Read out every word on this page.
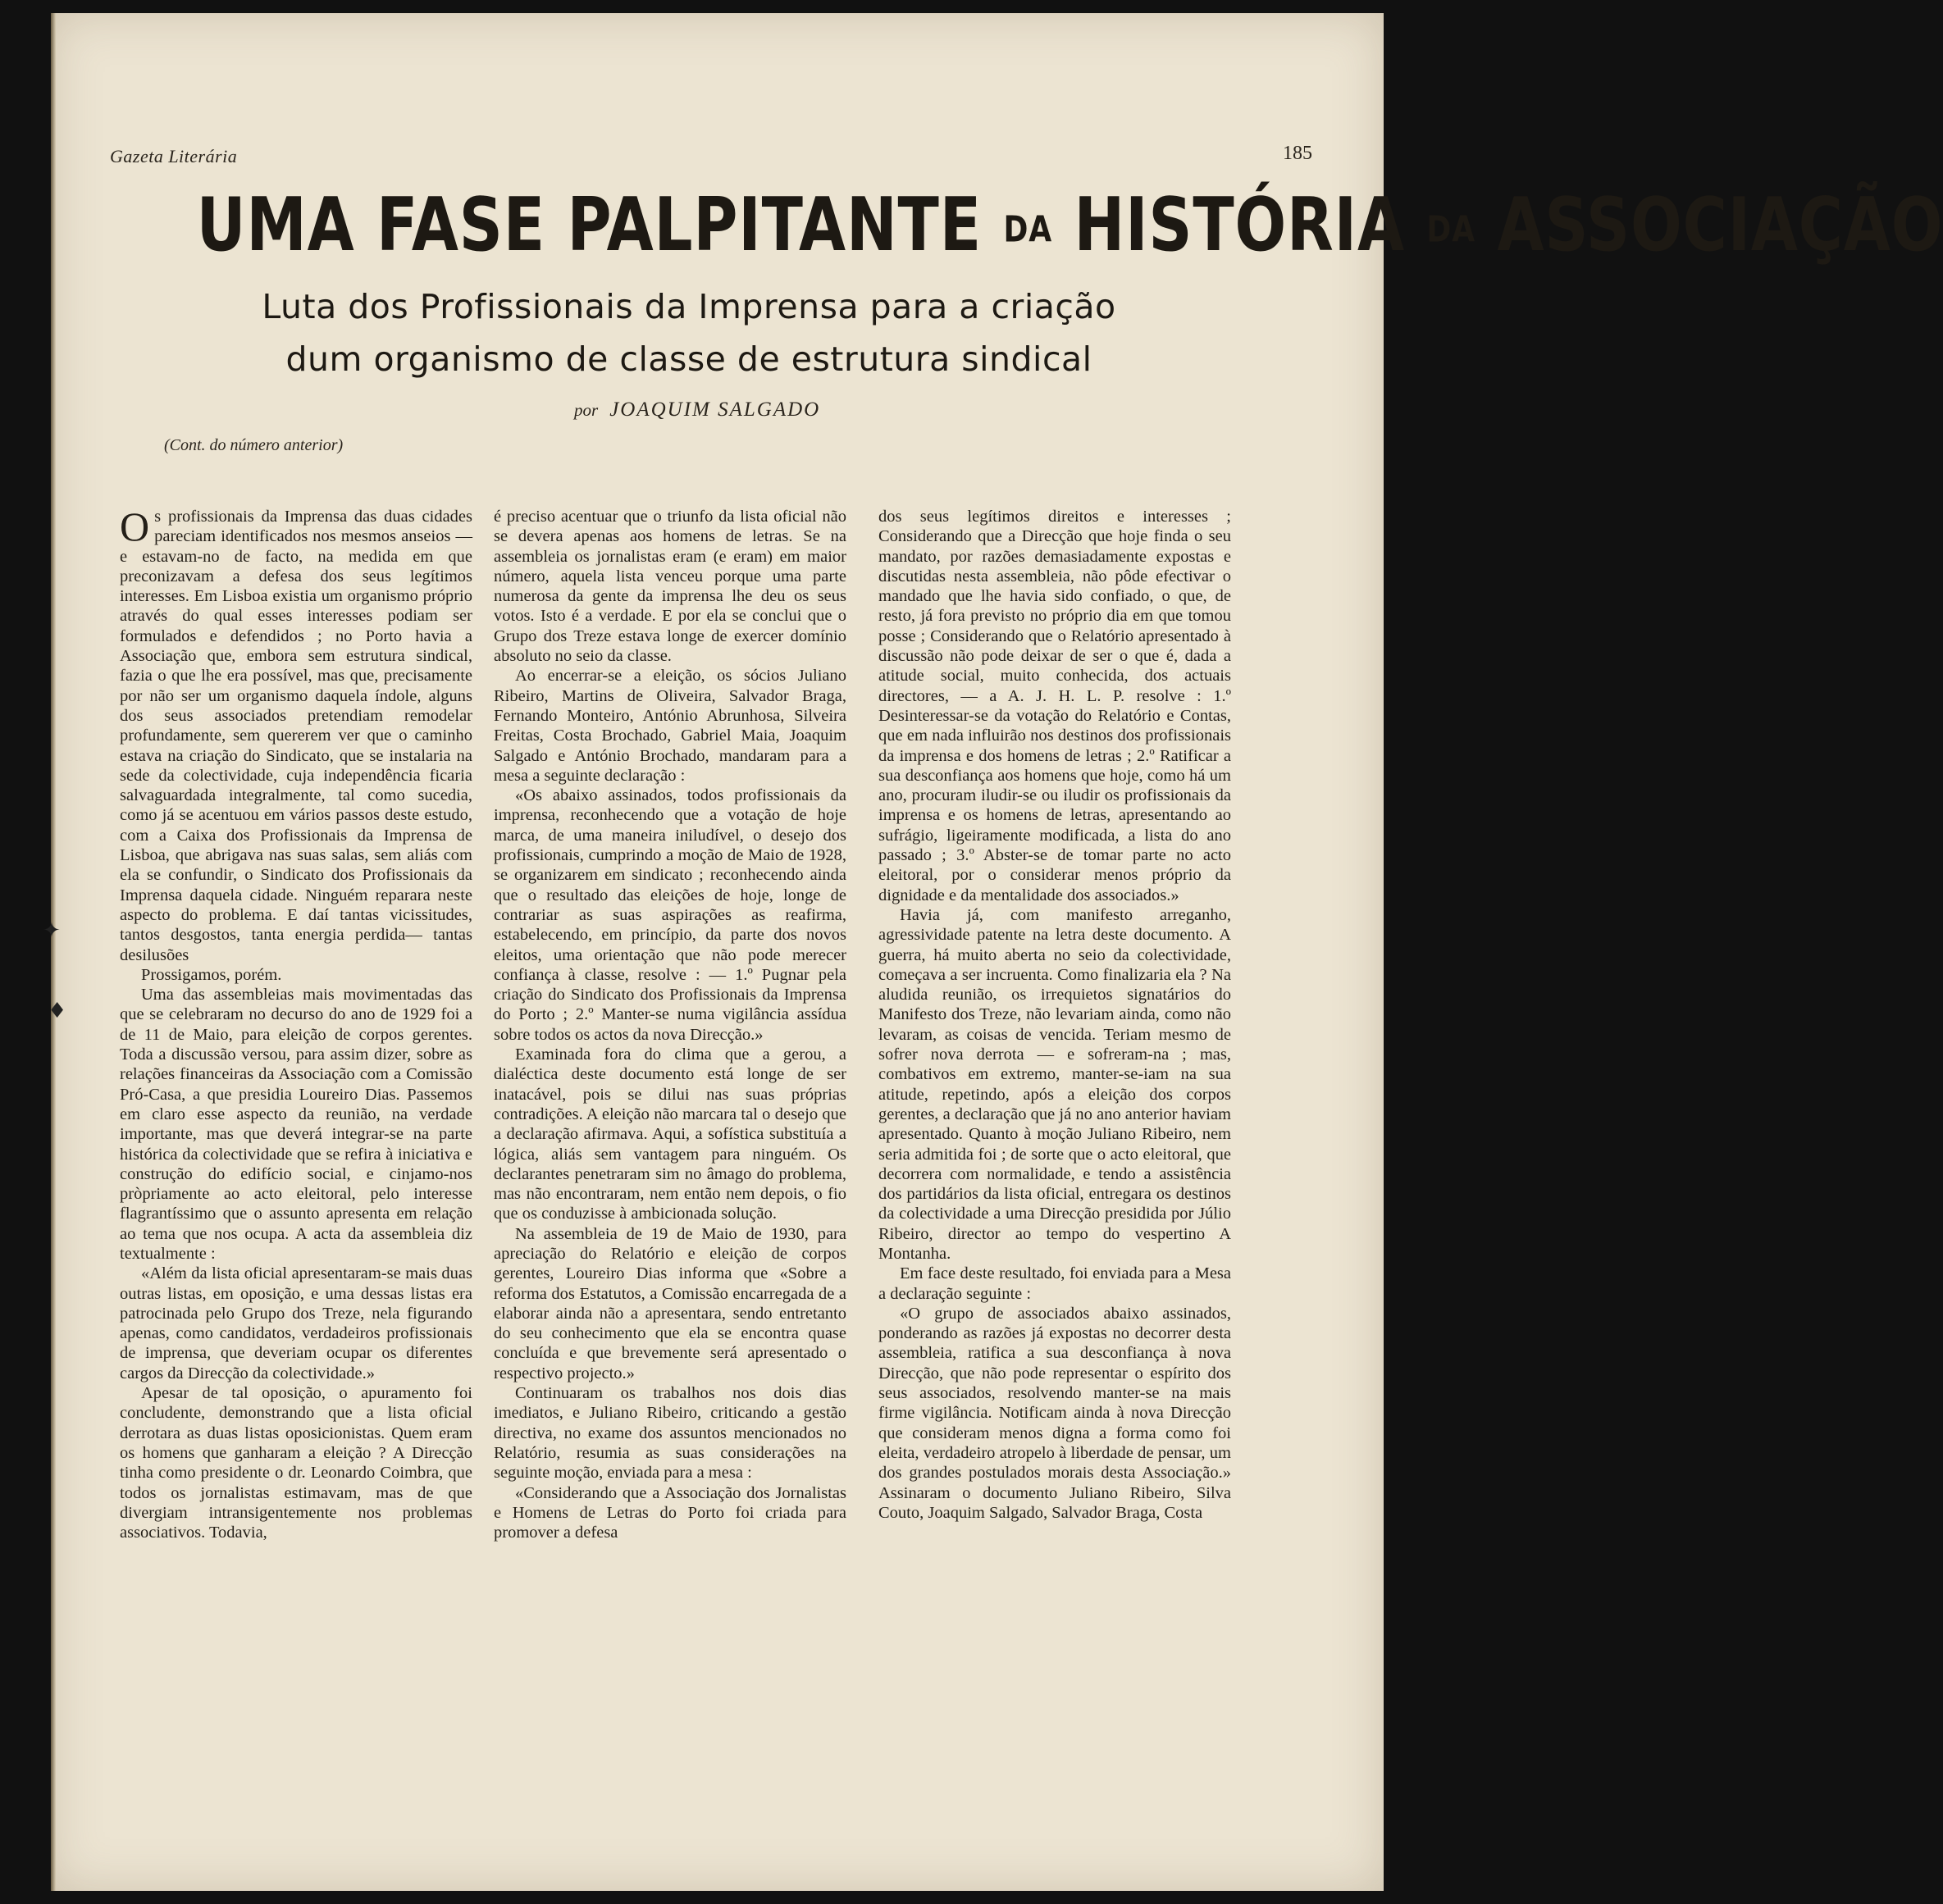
Gazeta Literária	185
UMA FASE PALPITANTE DA HISTÓRIA DA ASSOCIAÇÃO
Luta dos Profissionais da Imprensa para a criação
dum organismo de classe de estrutura sindical
por JOAQUIM SALGADO
(Cont. do número anterior)

Os profissionais da Imprensa das duas cidades pareciam identificados nos mesmos anseios — e estavam-no de facto, na medida em que preconizavam a defesa dos seus legítimos interesses. Em Lisboa existia um organismo próprio através do qual esses interesses podiam ser formulados e defendidos ; no Porto havia a Associação que, embora sem estrutura sindical, fazia o que lhe era possível, mas que, precisamente por não ser um organismo daquela índole, alguns dos seus associados pretendiam remodelar profundamente, sem quererem ver que o caminho estava na criação do Sindicato, que se instalaria na sede da colectividade, cuja independência ficaria salvaguardada integralmente, tal como sucedia, como já se acentuou em vários passos deste estudo, com a Caixa dos Profissionais da Imprensa de Lisboa, que abrigava nas suas salas, sem aliás com ela se confundir, o Sindicato dos Profissionais da Imprensa daquela cidade. Ninguém reparara neste aspecto do problema. E daí tantas vicissitudes, tantos desgostos, tanta energia perdida— tantas desilusões

Prossigamos, porém.

Uma das assembleias mais movimentadas das que se celebraram no decurso do ano de 1929 foi a de 11 de Maio, para eleição de corpos gerentes. Toda a discussão versou, para assim dizer, sobre as relações financeiras da Associação com a Comissão Pró-Casa, a que presidia Loureiro Dias. Passemos em claro esse aspecto da reunião, na verdade importante, mas que deverá integrar-se na parte histórica da colectividade que se refira à iniciativa e construção do edifício social, e cinjamo-nos pròpriamente ao acto eleitoral, pelo interesse flagrantíssimo que o assunto apresenta em relação ao tema que nos ocupa. A acta da assembleia diz textualmente :

«Além da lista oficial apresentaram-se mais duas outras listas, em oposição, e uma dessas listas era patrocinada pelo Grupo dos Treze, nela figurando apenas, como candidatos, verdadeiros profissionais de imprensa, que deveriam ocupar os diferentes cargos da Direcção da colectividade.»

Apesar de tal oposição, o apuramento foi concludente, demonstrando que a lista oficial derrotara as duas listas oposicionistas. Quem eram os homens que ganharam a eleição ? A Direcção tinha como presidente o dr. Leonardo Coimbra, que todos os jornalistas estimavam, mas de que divergiam intransigentemente nos problemas associativos. Todavia,

é preciso acentuar que o triunfo da lista oficial não se devera apenas aos homens de letras. Se na assembleia os jornalistas eram (e eram) em maior número, aquela lista venceu porque uma parte numerosa da gente da imprensa lhe deu os seus votos. Isto é a verdade. E por ela se conclui que o Grupo dos Treze estava longe de exercer domínio absoluto no seio da classe.

Ao encerrar-se a eleição, os sócios Juliano Ribeiro, Martins de Oliveira, Salvador Braga, Fernando Monteiro, António Abrunhosa, Silveira Freitas, Costa Brochado, Gabriel Maia, Joaquim Salgado e António Brochado, mandaram para a mesa a seguinte declaração :

«Os abaixo assinados, todos profissionais da imprensa, reconhecendo que a votação de hoje marca, de uma maneira iniludível, o desejo dos profissionais, cumprindo a moção de Maio de 1928, se organizarem em sindicato ; reconhecendo ainda que o resultado das eleições de hoje, longe de contrariar as suas aspirações as reafirma, estabelecendo, em princípio, da parte dos novos eleitos, uma orientação que não pode merecer confiança à classe, resolve : — 1.º Pugnar pela criação do Sindicato dos Profissionais da Imprensa do Porto ; 2.º Manter-se numa vigilância assídua sobre todos os actos da nova Direcção.»

Examinada fora do clima que a gerou, a dialéctica deste documento está longe de ser inatacável, pois se dilui nas suas próprias contradições. A eleição não marcara tal o desejo que a declaração afirmava. Aqui, a sofística substituía a lógica, aliás sem vantagem para ninguém. Os declarantes penetraram sim no âmago do problema, mas não encontraram, nem então nem depois, o fio que os conduzisse à ambicionada solução.

Na assembleia de 19 de Maio de 1930, para apreciação do Relatório e eleição de corpos gerentes, Loureiro Dias informa que «Sobre a reforma dos Estatutos, a Comissão encarregada de a elaborar ainda não a apresentara, sendo entretanto do seu conhecimento que ela se encontra quase concluída e que brevemente será apresentado o respectivo projecto.»

Continuaram os trabalhos nos dois dias imediatos, e Juliano Ribeiro, criticando a gestão directiva, no exame dos assuntos mencionados no Relatório, resumia as suas considerações na seguinte moção, enviada para a mesa :

«Considerando que a Associação dos Jornalistas e Homens de Letras do Porto foi criada para promover a defesa

dos seus legítimos direitos e interesses ; Considerando que a Direcção que hoje finda o seu mandato, por razões demasiadamente expostas e discutidas nesta assembleia, não pôde efectivar o mandado que lhe havia sido confiado, o que, de resto, já fora previsto no próprio dia em que tomou posse ; Considerando que o Relatório apresentado à discussão não pode deixar de ser o que é, dada a atitude social, muito conhecida, dos actuais directores, — a A. J. H. L. P. resolve : 1.º Desinteressar-se da votação do Relatório e Contas, que em nada influirão nos destinos dos profissionais da imprensa e dos homens de letras ; 2.º Ratificar a sua desconfiança aos homens que hoje, como há um ano, procuram iludir-se ou iludir os profissionais da imprensa e os homens de letras, apresentando ao sufrágio, ligeiramente modificada, a lista do ano passado ; 3.º Abster-se de tomar parte no acto eleitoral, por o considerar menos próprio da dignidade e da mentalidade dos associados.»

Havia já, com manifesto arreganho, agressividade patente na letra deste documento. A guerra, há muito aberta no seio da colectividade, começava a ser incruenta. Como finalizaria ela ? Na aludida reunião, os irrequietos signatários do Manifesto dos Treze, não levariam ainda, como não levaram, as coisas de vencida. Teriam mesmo de sofrer nova derrota — e sofreram-na ; mas, combativos em extremo, manter-se-iam na sua atitude, repetindo, após a eleição dos corpos gerentes, a declaração que já no ano anterior haviam apresentado. Quanto à moção Juliano Ribeiro, nem seria admitida foi ; de sorte que o acto eleitoral, que decorrera com normalidade, e tendo a assistência dos partidários da lista oficial, entregara os destinos da colectividade a uma Direcção presidida por Júlio Ribeiro, director ao tempo do vespertino A Montanha.

Em face deste resultado, foi enviada para a Mesa a declaração seguinte :

«O grupo de associados abaixo assinados, ponderando as razões já expostas no decorrer desta assembleia, ratifica a sua desconfiança à nova Direcção, que não pode representar o espírito dos seus associados, resolvendo manter-se na mais firme vigilância. Notificam ainda à nova Direcção que consideram menos digna a forma como foi eleita, verdadeiro atropelo à liberdade de pensar, um dos grandes postulados morais desta Associação.» Assinaram o documento Juliano Ribeiro, Silva Couto, Joaquim Salgado, Salvador Braga, Costa

✦
♦
